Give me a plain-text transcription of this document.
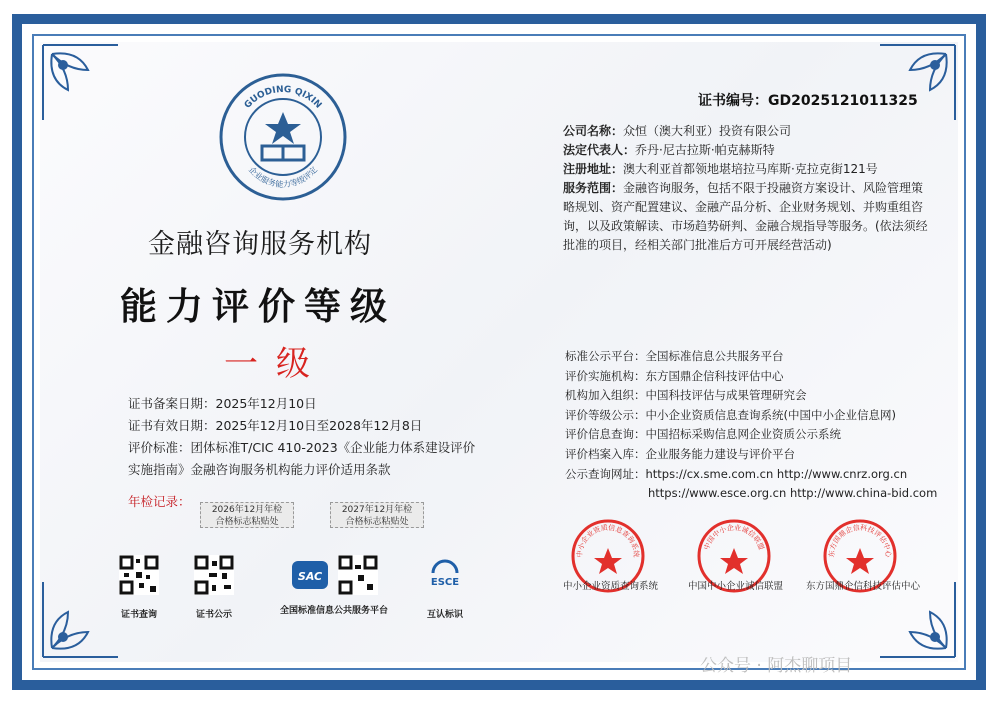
证书编号：GD2025121011325
GUODING QIXIN
企业服务能力等级评定
金融咨询服务机构
能力评价等级
一级
证书备案日期：2025年12月10日
证书有效日期：2025年12月10日至2028年12月8日
评价标准：团体标准T/CIC 410-2023《企业能力体系建设评价
实施指南》金融咨询服务机构能力评价适用条款
年检记录：
2026年12月年检
合格标志粘贴处
2027年12月年检
合格标志粘贴处
公司名称：众恒（澳大利亚）投资有限公司
法定代表人：乔丹·尼古拉斯·帕克赫斯特
注册地址：澳大利亚首都领地堪培拉马库斯·克拉克街121号
服务范围：金融咨询服务，包括不限于投融资方案设计、风险管理策略规划、资产配置建议、金融产品分析、企业财务规划、并购重组咨询，以及政策解读、市场趋势研判、金融合规指导等服务。(依法须经批准的项目，经相关部门批准后方可开展经营活动)
标准公示平台：全国标准信息公共服务平台
评价实施机构：东方国鼎企信科技评估中心
机构加入组织：中国科技评估与成果管理研究会
评价等级公示：中小企业资质信息查询系统(中国中小企业信息网)
评价信息查询：中国招标采购信息网企业资质公示系统
评价档案入库：企业服务能力建设与评价平台
公示查询网址：https://cx.sme.com.cn http://www.cnrz.org.cn
https://www.esce.org.cn http://www.china-bid.com
证书查询	证书公示
SAC
全国标准信息公共服务平台
ESCE
互认标识
中小企业资质信息查询系统
中国中小企业诚信联盟
东方国鼎企信科技评估中心
中小企业资质查询系统	中国中小企业诚信联盟 东方国鼎企信科技评估中心
公众号 · 阿杰聊项目
